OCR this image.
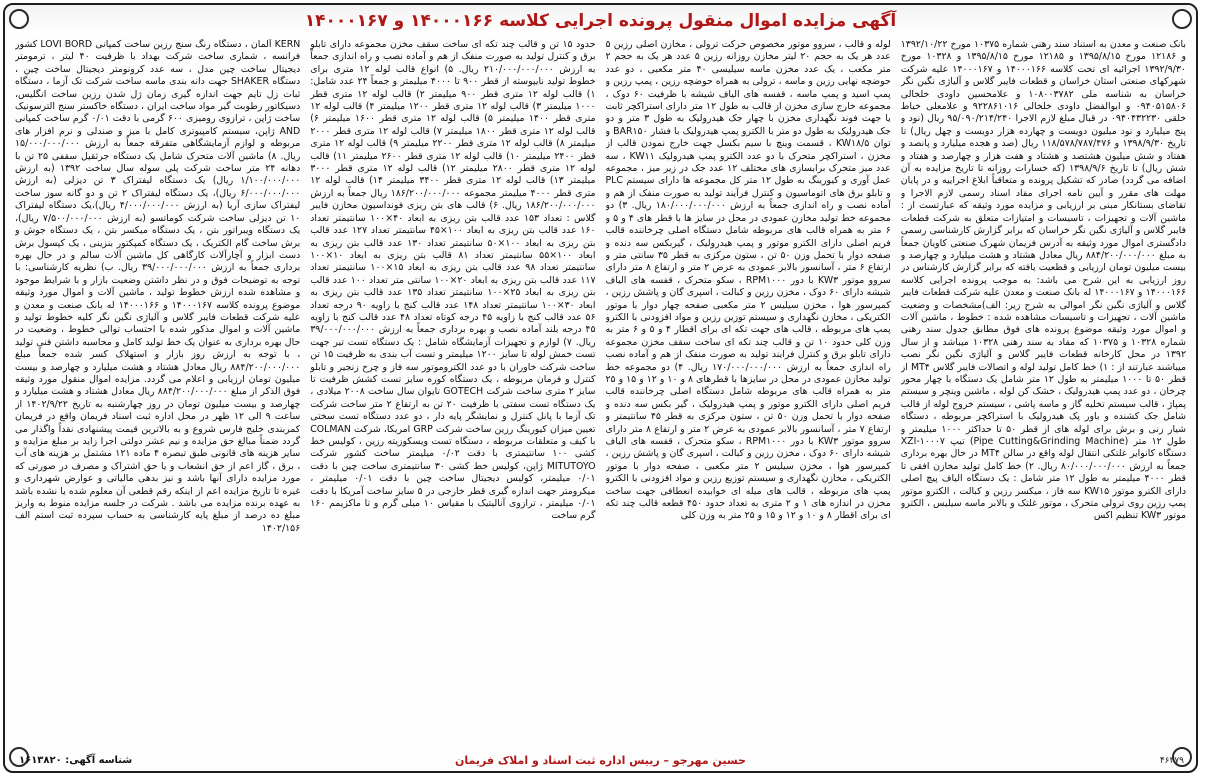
آگهی مزایده اموال منقول پرونده اجرایی کلاسه ۱۴۰۰۰۱۶۶ و ۱۴۰۰۰۱۶۷

بانک صنعت و معدن به استناد سند رهنی شماره ۱۰۳۷۵ مورخ ۱۳۹۲/۱۰/۲۲ و ۱۲۱۸۶ مورخ ۱۳۹۵/۸/۱۵ و ۱۲۱۸۵ مورخ ۱۳۹۵/۸/۱۵ و ۱۰۳۲۸ مورخ ۱۳۹۲/۹/۳۰ اجرائیه ای تحت کلاسه ۱۴۰۰۰۱۶۶ و ۱۴۰۰۰۱۶۷ علیه شرکت شهرکهای صنعتی استان خراسان و قطعات فایبر گلاس و آلیاژی نگین نگر خراسان به شناسه ملی ۱۰۸۰۰۳۷۸۲ و علامحسین داودی خلخالی ۰۹۴۰۵۱۵۸۰۶ و ابوالفضل داودی خلخالی ۹۲۲۸۶۱۰۱۶ و علامعلی خیاط خلقی ۰۹۴۰۴۳۲۲۳۰ در قبال مبلغ لازم الاجرا ۹۵/۰۹۰/۲۱۴/۲۴۰ ریال (نود و پنج میلیارد و نود میلیون دویست و چهارده هزار دویست و چهل ریال) تا تاریخ ۱۳۹۸/۹/۳۰ و ۱۱۸/۵۷۸/۷۸۷/۴۷۶ ریال (صد و هجده میلیارد و پانصد و هفتاد و شش میلیون هشتصد و هشتاد و هفت هزار و چهارصد و هفتاد و شش ریال) تا تاریخ ۱۳۹۸/۹/۶ (که خسارات روزانه تا تاریخ مزایده به آن اضافه می گردد) صادر که تشکیل پرونده و متعاقباً ابلاغ اجراییه و در پایان مهلت های مقرر و آیین نامه اجرای مفاد اسناد رسمی لازم الاجرا و تقاضای بستانکار مبنی بر ارزیابی و مزایده مورد وثیقه که عبارتست از : ماشین آلات و تجهیزات ، تاسیسات و امتیازات متعلق به شرکت قطعات فایبر گلاس و آلیاژی نگین نگر خراسان که برابر گزارش کارشناسی رسمی دادگستری اموال مورد وثیقه به آدرس فریمان شهرک صنعتی کاویان جمعاً به مبلغ ۸۸۴/۲۰۰/۰۰۰/۰۰۰ ریال معادل هشتاد و هشت میلیارد و چهارصد و بیست میلیون تومان ارزیابی و قطعیت یافته که برابر گزارش کارشناس در روز ارزیابی به این شرح می باشد: به موجب پرونده اجرایی کلاسه ۱۴۰۰۰۱۶۶ و ۱۴۰۰۰۱۶۷ له بانک صنعت و معدن علیه شرکت قطعات فایبر گلاس و آلیاژی نگین نگر اموالی به شرح زیر: الف)مشخصات و وضعیت ماشین آلات ، تجهیزات و تاسیسات مشاهده شده : خطوط ، ماشین آلات و اموال مورد وثیقه موضوع پرونده های فوق مطابق جدول سند رهنی شماره ۱۰۳۲۸ و ۱۰۳۷۵ که مفاد به سند رهنی ۱۰۳۲۸ میباشد و از سال ۱۳۹۲ در محل کارخانه قطعات فایبر گلاس و آلیاژی نگین نگر نصب میباشند عبارتند از : ۱) خط کامل تولید لوله و اتصالات فایبر گلاس MT۴ از قطر ۵۰ تا ۱۰۰۰ میلیمتر به طول ۱۲ متر شامل یک دستگاه با چهار محور چرخان ، دو عدد پمپ هیدرولیک ، خشک کن لوله ، ماشین وینچر و سیستم پمپاژ ، قالب سیستم تخلیه گاز و ماسه پاشی ، سیستم خروج لوله از قالب شامل جک کشنده و باور پک هیدرولیک با استراکچر مربوطه ، دستگاه شیار زنی و برش برای لوله های از قطر ۵۰ تا حداکثر ۱۰۰۰ میلیمتر و طول ۱۲ متر (Pipe Cutting&Grinding Machine) تیپ XZI-۱۰۰۰۷ دستگاه کانوایر غلتکی انتقال لوله واقع در سالن MT۴ در حال بهره برداری جمعاً به ارزش ۸۰/۰۰۰/۰۰۰/۰۰۰ ریال. ۲) خط کامل تولید مخازن افقی تا قطر ۴۰۰۰ میلیمتر به طول ۱۲ متر شامل : یک دستگاه الیاف پیچ اصلی دارای الکترو موتور KW۱۵ سه فاز ، میکسر رزین و کبالت ، الکترو موتور پمپ رزین روی ترولی متحرک ، موتور غلتک و بالابر ماسه سیلیس ، الکترو موتور KW۳ تنظیم اکس

لوله و قالب ، سروو موتور مخصوص حرکت ترولی ، مخازن اصلی رزین ۵ عدد هر یک به حجم ۲۰ لیتر مخازن روزانه رزین ۵ عدد هر یک به حجم ۲ متر مکعب ، یک عدد مخزن ماسه سیلیسی ۴۰ متر مکعبی ، دو عدد حوضچه نهایی رزین و ماسه ، ترولی به همراه حوضچه رزین ، پمپ رزین و پمپ اسید و پمپ ماسه ، قفسه های الیاف شیشه با ظرفیت ۶۰ دوک ، مجموعه خارج سازی مخزن از قالب به طول ۱۲ متر دارای استراکچر ثابت یا جهت فوند نگهداری مخزن با چهار جک هیدرولیک به طول ۳ متر و دو جک هیدرولیک به طول دو متر با الکترو پمپ هیدرولیک با فشار BAR۱۵۰ و توان KW۱۸/۵ ، قسمت وینچ با سیم بکسل جهت خارج نمودن قالب از مخزن ، استراکچر متحرک با دو عدد الکترو پمپ هیدرولیک KW۱۱ ، سه عدد میز متحرک برابسازی های مختلف ۱۲ عدد جک در زیر میز ، مجموعه عمل آوری و کیورینگ به طول ۱۲ متر کل مجموعه ها دارای سیستم PLC و تابلو برق های اتوماسیون و کنترل فرآیند تولید به صورت منفک از هم و آماده نصب و راه اندازی جمعاً به ارزش ۱۸۰/۰۰۰/۰۰۰/۰۰۰ ریال. ۳) دو مجموعه خط تولید مخازن عمودی در محل در سایز ها با قطر های ۴ و ۵ و ۶ متر به همراه قالب های مربوطه شامل دستگاه اصلی چرخاننده قالب فریم اصلی دارای الکترو موتور و پمپ هیدرولیک ، گیربکس سه دنده و صفحه دوار با تحمل وزن ۵۰ تن ، ستون مرکزی به قطر ۳۵ سانتی متر و ارتفاع ۶ متر ، آسانسور بالابر عمودی به عرض ۲ متر و ارتفاع ۸ متر دارای سروو موتور KW۳ با دور RPM۱۰۰۰ ، سکو متحرک ، قفسه های الیاف شیشه دارای ۶۰ دوک ، مخزن رزین و کبالت ، اسپری گان و پاشش رزین ، کمپرسور هوا ، مخزن سیلیس ۲ متر مکعبی صفحه چهار دوار با موتور الکتریکی ، مخازن نگهداری و سیستم توزین رزین و مواد افزودنی با الکترو پمپ های مربوطه ، قالب های جهت تکه ای برای اقطار ۴ و ۵ و ۶ متر به وزن کلی حدود ۱۰ تن و قالب چند تکه ای ساخت سقف مخزن مجموعه دارای تابلو برق و کنترل فرایند تولید به صورت منفک از هم و آماده نصب راه اندازی جمعاً به ارزش ۱۷۰/۰۰۰/۰۰۰/۰۰۰ ریال. ۴) دو مجموعه خط تولید مخازن عمودی در محل در سایزها با قطرهای ۸ و ۱۰ و ۱۲ و ۱۵ و ۲۵ متر به همراه قالب های مربوطه شامل دستگاه اصلی چرخاننده قالب فریم اصلی دارای الکترو موتور و پمپ هیدرولیک ، گیر بکس سه دنده و صفحه دوار با تحمل وزن ۵۰ تن ، ستون مرکزی به قطر ۴۵ سانتیمتر و ارتفاع ۷ متر ، آسانسور بالابر عمودی به عرض ۲ متر و ارتفاع ۸ متر دارای سروو موتور KW۳ با دور RPM۱۰۰۰ ، سکو متحرک ، قفسه های الیاف شیشه دارای ۶۰ دوک ، مخزن رزین و کبالت ، اسپری گان و پاشش رزین ، کمپرسور هوا ، مخزن سیلیس ۲ متر مکعبی ، صفحه دوار با موتور الکتریکی ، مخازن نگهداری و سیستم توزیع رزین و مواد افزودنی با الکترو پمپ های مربوطه ، قالب های میله ای خوابیده انعطافی جهت ساخت مخزن در اندازه های ۱ و ۲ متری به تعداد حدود ۴۵۰ قطعه قالب چند تکه ای برای اقطار ۸ و ۱۰ و ۱۲ و ۱۵ و ۲۵ متر به وزن کلی

حدود ۱۵ تن و قالب چند تکه ای ساخت سقف مخزن مجموعه دارای تابلو برق و کنترل تولید به صورت منفک از هم و آماده نصب و راه اندازی جمعاً به ارزش ۲۱۰/۰۰۰/۰۰۰/۰۰۰ ریال. ۵) انواع قالب لوله ۱۲ متری برای خطوط تولید نایپوسته از قطر ۹۰۰ تا ۴۰۰۰ میلیمتر و جمعاً ۲۴ عدد شامل: ۱) قالب لوله ۱۲ متری قطر ۹۰۰ میلیمتر ۲) قالب لوله ۱۲ متری قطر ۱۰۰۰ میلیمتر ۳) قالب لوله ۱۲ متری قطر ۱۲۰۰ میلیمتر ۴) قالب لوله ۱۲ متری قطر ۱۴۰۰ میلیمتر ۵) قالب لوله ۱۲ متری قطر ۱۶۰۰ میلیمتر ۶) قالب لوله ۱۲ متری قطر ۱۸۰۰ میلیمتر ۷) قالب لوله ۱۲ متری قطر ۲۰۰۰ میلیمتر ۸) قالب لوله ۱۲ متری قطر ۲۲۰۰ میلیمتر ۹) قالب لوله ۱۲ متری قطر ۲۴۰۰ میلیمتر ۱۰) قالب لوله ۱۲ متری قطر ۲۶۰۰ میلیمتر ۱۱) قالب لوله ۱۲ متری قطر ۲۸۰۰ میلیمتر ۱۲) قالب لوله ۱۲ متری قطر ۳۰۰۰ میلیمتر ۱۳) قالب لوله ۱۲ متری قطر ۳۴۰۰ میلیمتر ۱۴) قالب لوله ۱۲ متری قطر ۴۰۰۰ میلیمتر مجموعه ۱۸۶/۲۰۰/۰۰۰/۰۰۰ ریال جمعاً به ارزش ۱۸۶/۲۰۰/۰۰۰/۰۰۰ ریال. ۶) قالب های بتن ریزی فونداسیون مخازن فایبر گلاس : تعداد ۱۵۳ عدد قالب بتن ریزی به ابعاد ۴۰×۱۰۰ سانتیمتر تعداد ۱۶۰ عدد قالب بتن ریزی به ابعاد ۱۰۰×۴۵ سانتیمتر تعداد ۱۲۷ عدد قالب بتن ریزی به ابعاد ۱۰۰×۵۰ سانتیمتر تعداد ۱۳۰ عدد قالب بتن ریزی به ابعاد ۱۰۰×۵۵ سانتیمتر تعداد ۸۱ قالب بتن ریزی به ابعاد ۱۰×۱۰۰ سانتیمتر تعداد ۹۸ عدد قالب بتن ریزی به ابعاد ۱۵×۱۰۰ سانتیمتر تعداد ۱۱۷ عدد قالب بتن ریزی به ابعاد ۲۰×۱۰۰ سانتی متر تعداد ۱۰۰ عدد قالب بتن ریزی به ابعاد ۲۵×۱۰۰ سانتیمتر تعداد ۱۳۵ عدد قالب بتن ریزی به ابعاد ۳۰×۱۰۰ سانتیمتر تعداد ۱۴۸ عدد قالب کنج با زاویه ۹۰ درجه تعداد ۵۶ عدد قالب کنج با زاویه ۴۵ درجه کوتاه تعداد ۴۸ عدد قالب کنج با زاویه ۴۵ درجه بلند آماده نصب و بهره برداری جمعاً به ارزش ۳۹/۰۰۰/۰۰۰/۰۰۰ ریال. ۷) لوازم و تجهیزات آزمایشگاه شامل : یک دستگاه تست تیر جهت تست خمش لوله تا سایز ۱۲۰۰ میلیمتر و تست آب بندی به ظرفیت ۱۵ تن ساخت شرکت خاوران با دو عدد الکتروموتور سه فاز و چرخ زنجیر و تابلو کنترل و فرمان مربوطه ، یک دستگاه کوره سایز تست کشش ظرفیت تا سایز ۲ متری ساخت شرکت GOTECH تایوان سال ساخت ۲۰۰۸ میلادی ، یک دستگاه تست سفتی با ظرفیت ۲۰ تن به ارتفاع ۲ متر ساخت شرکت تک آزما با پانل کنترل و نمایشگر پایه دار ، دو عدد دستگاه تست سختی تعیین میزان کیورینگ رزین ساخت شرکت GRP امریکا، شرکت COLMAN با کیف و متعلقات مربوطه ، دستگاه تست ویسکوزیته رزین ، کولیس خط کشی ۱۰۰ سانتیمتری با دقت ۰/۰۲ میلیمتر ساخت کشور شرکت MITUTOYO ژاپن، کولیس خط کشی ۳۰ سانتیمتری ساخت چین با دقت ۰/۰۱ میلیمتر، کولیس دیجیتال ساخت چین با دقت ۰/۰۱ میلیمتر ، میکرومتر جهت اندازه گیری قطر خارجی در ۵ سایز ساخت آمریکا با دقت ۰/۰۱ میلیمتر ، ترازوی آنالیتیک با مقیاس ۱۰ میلی گرم و تا ماکزیمم ۱۶۰ گرم ساخت

KERN آلمان ، دستگاه رنگ سنج رزین ساخت کمپانی LOVI BORD کشور فرانسه ، شماری ساخت شرکت بهداد با ظرفیت ۴۰ لیتر ، ترمومتر دیجیتال ساخت چین مدل ، سه عدد کرونومتر دیجیتال ساخت چین ، دستگاه SHAKER جهت دانه بندی ماسه ساخت شرکت تک آزما ، دستگاه ثبات زل تایم جهت اندازه گیری زمان ژل شدن رزین ساخت انگلیس، دسیکاتور رطوبت گیر مواد ساخت ایران ، دستگاه خاکستر سنج الترسونیک ساخت ژاپن ، ترازوی رومیزی ۶۰۰ گرمی با دقت ۰/۰۱ گرم ساخت کمپانی AND ژاپن، سیستم کامپیوتری کامل با میز و صندلی و نرم افزار های مربوطه و لوازم آزمایشگاهی متفرقه جمعاً به ارزش ۱۵/۰۰۰/۰۰۰/۰۰۰ ریال. ۸) ماشین آلات متحرک شامل یک دستگاه جرثقیل سقفی ۲۵ تن با دهانه ۲۴ متر ساخت شرکت پلی سوله سال ساخت ۱۳۹۲ (به ارزش ۱/۱۰۰/۰۰۰/۰۰۰ ریال) یک دستگاه لیفتراک ۳ تن دیزلی (به ارزش ۶/۰۰۰/۰۰۰/۰۰۰ ریال)، یک دستگاه لیفتراک ۲ تن و دو گانه سوز ساخت لیفتراک سازی آریا (به ارزش ۴/۰۰۰/۰۰۰/۰۰۰ ریال)،یک دستگاه لیفتراک ۱۰ تن دیزلی ساخت شرکت کوماتسو (به ارزش ۷/۵۰۰/۰۰۰/۰۰۰ ریال)، یک دستگاه ویبراتور بتن ، یک دستگاه میکسر بتن ، یک دستگاه جوش و برش ساخت گام الکتریک ، یک دستگاه کمپکتور بنزینی ، یک کپسول برش دست ابزار و آچارآلات کارگاهی کل ماشین آلات سالم و در حال بهره برداری جمعاً به ارزش ۳۹/۰۰۰/۰۰۰/۰۰۰ ریال. ب) نظریه کارشناسی: با توجه به توضیحات فوق و در نظر داشتن وضعیت بازار و با شرایط موجود و مشاهده شده ارزش خطوط تولید ، ماشین آلات و اموال مورد وثیقه موضوع پرونده کلاسه ۱۴۰۰۰۱۶۷ و ۱۴۰۰۰۱۶۶ له بانک صنعت و معدن و علیه شرکت قطعات فایبر گلاس و آلیاژی نگین نگر کلیه خطوط تولید و ماشین آلات و اموال مذکور شده با احتساب توالی خطوط ، وضعیت در حال بهره برداری به عنوان یک خط تولید کامل و محاسبه داشتن فنی تولید ، با توجه به ارزش روز بازار و استهلاک کسر شده جمعاً مبلغ ۸۸۴/۲۰۰/۰۰۰/۰۰۰ ریال معادل هشتاد و هشت میلیارد و چهارصد و بیست میلیون تومان ارزیابی و اعلام می گردد. مزایده اموال منقول مورد وثیقه فوق الذکر از مبلغ ۸۸۴/۲۰۰/۰۰۰/۰۰۰ ریال معادل هشتاد و هشت میلیارد و چهارصد و بیست میلیون تومان در روز چهارشنبه به تاریخ ۱۴۰۲/۹/۲۲ از ساعت ۹ الی ۱۲ ظهر در محل اداره ثبت اسناد فریمان واقع در فریمان کمربندی خلیج فارس شروع و به بالاترین قیمت پیشنهادی نقداً واگذار می گردد ضمناً مبالغ حق مزایده و نیم عشر دولتی اجرا زاید بر مبلغ مزایده و سایر هزینه های قانونی طبق تبصره ۴ ماده ۱۲۱ مشتمل بر هزینه های آب ، برق ، گاز اعم از حق انشعاب و یا حق اشتراک و مصرف در صورتی که مورد مزایده دارای آنها باشد و نیز بدهی مالیاتی و عوارض شهرداری و غیره تا تاریخ مزایده اعم از اینکه رقم قطعی آن معلوم شده یا نشده باشد به عهده برنده مزایده می باشد . شرکت در جلسه مزایده منوط به واریز مبلغ ده درصد از مبلغ پایه کارشناسی به حساب سپرده ثبت استم الف ۱۴۰۲/۱۵۶

۴۶۳۷۹
حسین مهرجو – رییس اداره ثبت اسناد و املاک فریمان
شناسه آگهی: ۱۶۱۳۸۲۰
